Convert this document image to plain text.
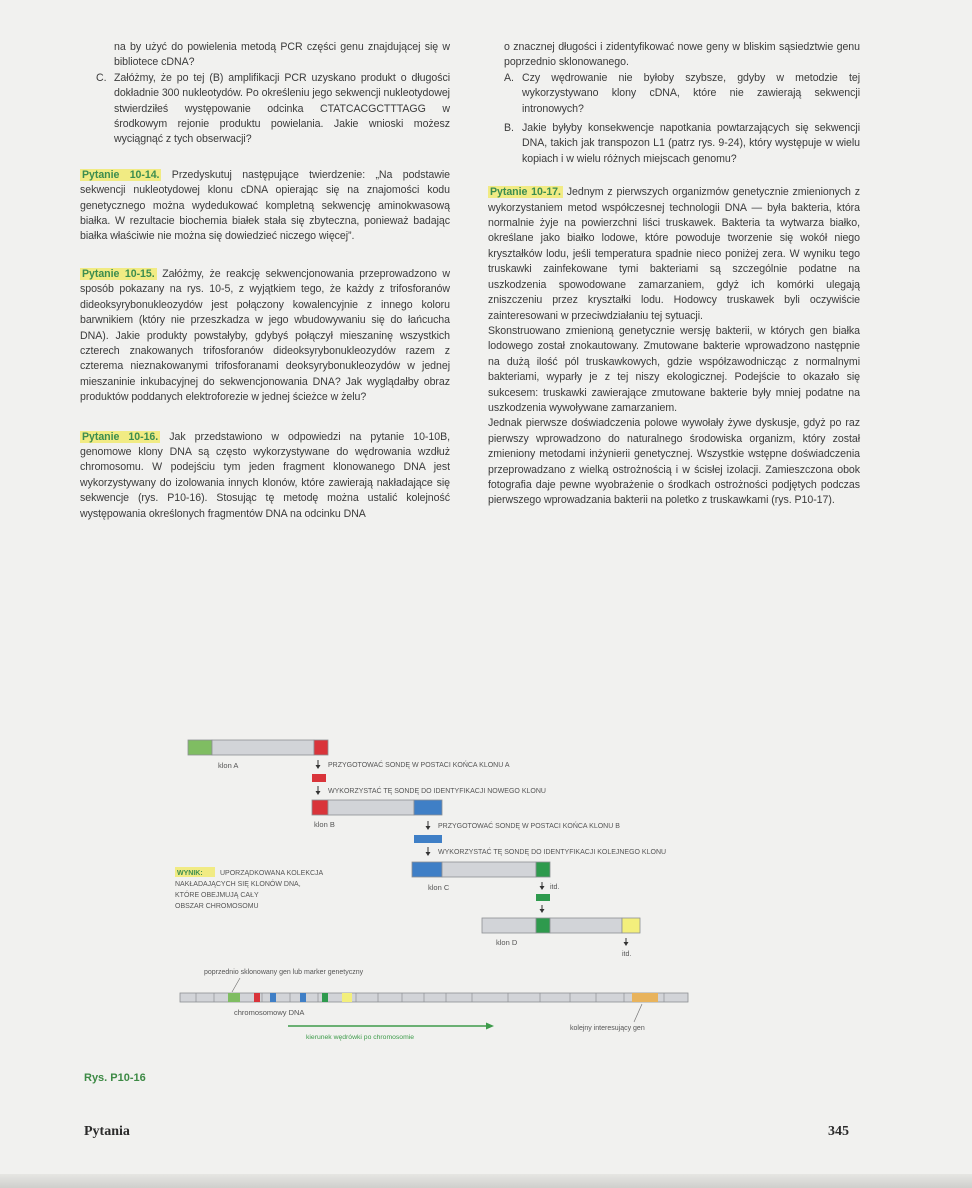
na by użyć do powielenia metodą PCR części genu znajdującej się w bibliotece cDNA?

C. Załóżmy, że po tej (B) amplifikacji PCR uzyskano produkt o długości dokładnie 300 nukleotydów. Po określeniu jego sekwencji nukleotydowej stwierdziłeś występowanie odcinka CTATCACGCTTTAGG w środkowym rejonie produktu powielania. Jakie wnioski możesz wyciągnąć z tych obserwacji?

Pytanie 10-14. Przedyskutuj następujące twierdzenie: „Na podstawie sekwencji nukleotydowej klonu cDNA opierając się na znajomości kodu genetycznego można wydedukować kompletną sekwencję aminokwasową białka. W rezultacie biochemia białek stała się zbyteczna, ponieważ badając białka właściwie nie można się dowiedzieć niczego więcej”.

Pytanie 10-15. Załóżmy, że reakcję sekwencjonowania przeprowadzono w sposób pokazany na rys. 10-5, z wyjątkiem tego, że każdy z trifosforanów dideoksyrybonukleozydów jest połączony kowalencyjnie z innego koloru barwnikiem (który nie przeszkadza w jego wbudowywaniu się do łańcucha DNA). Jakie produkty powstałyby, gdybyś połączył mieszaninę wszystkich czterech znakowanych trifosforanów dideoksyrybonukleozydów razem z czterema nieznakowanymi trifosforanami deoksyrybonukleozydów w jednej mieszaninie inkubacyjnej do sekwencjonowania DNA? Jak wyglądałby obraz produktów poddanych elektroforezie w jednej ścieżce w żelu?

Pytanie 10-16. Jak przedstawiono w odpowiedzi na pytanie 10-10B, genomowe klony DNA są często wykorzystywane do wędrowania wzdłuż chromosomu. W podejściu tym jeden fragment klonowanego DNA jest wykorzystywany do izolowania innych klonów, które zawierają nakładające się sekwencje (rys. P10-16). Stosując tę metodę można ustalić kolejność występowania określonych fragmentów DNA na odcinku DNA

o znacznej długości i zidentyfikować nowe geny w bliskim sąsiedztwie genu poprzednio sklonowanego.

A. Czy wędrowanie nie byłoby szybsze, gdyby w metodzie tej wykorzystywano klony cDNA, które nie zawierają sekwencji intronowych?
B. Jakie byłyby konsekwencje napotkania powtarzających się sekwencji DNA, takich jak transpozon L1 (patrz rys. 9-24), który występuje w wielu kopiach i w wielu różnych miejscach genomu?

Pytanie 10-17. Jednym z pierwszych organizmów genetycznie zmienionych z wykorzystaniem metod współczesnej technologii DNA — była bakteria, która normalnie żyje na powierzchni liści truskawek. Bakteria ta wytwarza białko, określane jako białko lodowe, które powoduje tworzenie się wokół niego kryształków lodu, jeśli temperatura spadnie nieco poniżej zera. W wyniku tego truskawki zainfekowane tymi bakteriami są szczególnie podatne na uszkodzenia spowodowane zamarzaniem, gdyż ich komórki ulegają zniszczeniu przez kryształki lodu. Hodowcy truskawek byli oczywiście zainteresowani w przeciwdziałaniu tej sytuacji.

Skonstruowano zmienioną genetycznie wersję bakterii, w których gen białka lodowego został znokautowany. Zmutowane bakterie wprowadzono następnie na dużą ilość pól truskawkowych, gdzie współzawodnicząc z normalnymi bakteriami, wyparły je z tej niszy ekologicznej. Podejście to okazało się sukcesem: truskawki zawierające zmutowane bakterie były mniej podatne na uszkodzenia wywoływane zamarzaniem.

Jednak pierwsze doświadczenia polowe wywołały żywe dyskusje, gdyż po raz pierwszy wprowadzono do naturalnego środowiska organizm, który został zmieniony metodami inżynierii genetycznej. Wszystkie wstępne doświadczenia przeprowadzano z wielką ostrożnością i w ścisłej izolacji. Zamieszczona obok fotografia daje pewne wyobrażenie o środkach ostrożności podjętych podczas pierwszego wprowadzania bakterii na poletko z truskawkami (rys. P10-17).

klon A	PRZYGOTOWAĆ SONDĘ W POSTACI KOŃCA KLONU A
WYKORZYSTAĆ TĘ SONDĘ DO IDENTYFIKACJI NOWEGO KLONU
klon B	PRZYGOTOWAĆ SONDĘ W POSTACI KOŃCA KLONU B
WYKORZYSTAĆ TĘ SONDĘ DO IDENTYFIKACJI KOLEJNEGO KLONU
WYNIK: UPORZĄDKOWANA KOLEKCJA
NAKŁADAJĄCYCH SIĘ KLONÓW DNA,
KTÓRE OBEJMUJĄ CAŁY
OBSZAR CHROMOSOMU
klon C	itd.
klon D
itd.
poprzednio sklonowany gen lub marker genetyczny
chromosomowy DNA
kolejny interesujący gen
kierunek wędrówki po chromosomie
Rys. P10-16
Pytania	345
